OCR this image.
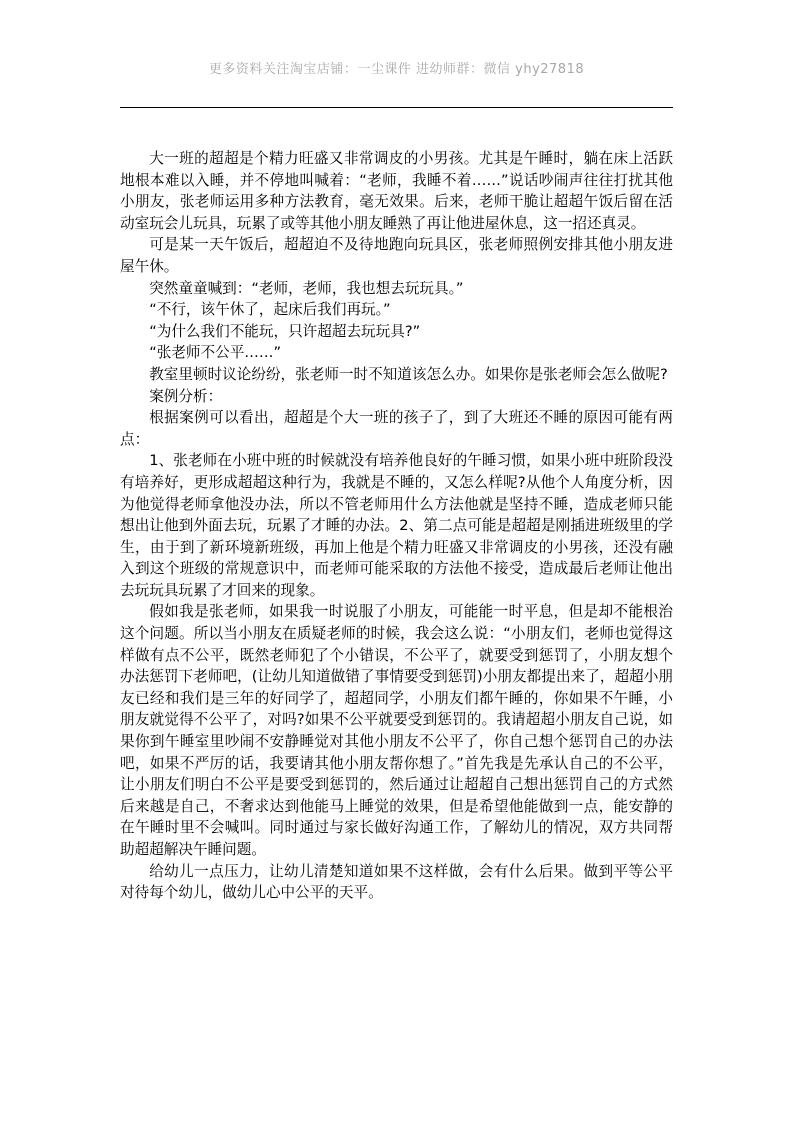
更多资料关注淘宝店铺：一尘课件 进幼师群：微信 yhy27818

大一班的超超是个精力旺盛又非常调皮的小男孩。尤其是午睡时，躺在床上活跃地根本难以入睡，并不停地叫喊着：“老师，我睡不着……”说话吵闹声往往打扰其他小朋友，张老师运用多种方法教育，毫无效果。后来，老师干脆让超超午饭后留在活动室玩会儿玩具，玩累了或等其他小朋友睡熟了再让他进屋休息，这一招还真灵。

可是某一天午饭后，超超迫不及待地跑向玩具区，张老师照例安排其他小朋友进屋午休。

突然童童喊到：“老师，老师，我也想去玩玩具。”

“不行，该午休了，起床后我们再玩。”

“为什么我们不能玩，只许超超去玩玩具?”

“张老师不公平……”

教室里顿时议论纷纷，张老师一时不知道该怎么办。如果你是张老师会怎么做呢?

案例分析：

根据案例可以看出，超超是个大一班的孩子了，到了大班还不睡的原因可能有两点：

1、张老师在小班中班的时候就没有培养他良好的午睡习惯，如果小班中班阶段没有培养好，更形成超超这种行为，我就是不睡的，又怎么样呢?从他个人角度分析，因为他觉得老师拿他没办法，所以不管老师用什么方法他就是坚持不睡，造成老师只能想出让他到外面去玩，玩累了才睡的办法。2、第二点可能是超超是刚插进班级里的学生，由于到了新环境新班级，再加上他是个精力旺盛又非常调皮的小男孩，还没有融入到这个班级的常规意识中，而老师可能采取的方法他不接受，造成最后老师让他出去玩玩具玩累了才回来的现象。

假如我是张老师，如果我一时说服了小朋友，可能能一时平息，但是却不能根治这个问题。所以当小朋友在质疑老师的时候，我会这么说：“小朋友们，老师也觉得这样做有点不公平，既然老师犯了个小错误，不公平了，就要受到惩罚了，小朋友想个办法惩罚下老师吧，(让幼儿知道做错了事情要受到惩罚)小朋友都提出来了，超超小朋友已经和我们是三年的好同学了，超超同学，小朋友们都午睡的，你如果不午睡，小朋友就觉得不公平了，对吗?如果不公平就要受到惩罚的。我请超超小朋友自己说，如果你到午睡室里吵闹不安静睡觉对其他小朋友不公平了，你自己想个惩罚自己的办法吧，如果不严厉的话，我要请其他小朋友帮你想了。”首先我是先承认自己的不公平，让小朋友们明白不公平是要受到惩罚的，然后通过让超超自己想出惩罚自己的方式然后来越是自己，不奢求达到他能马上睡觉的效果，但是希望他能做到一点，能安静的在午睡时里不会喊叫。同时通过与家长做好沟通工作，了解幼儿的情况，双方共同帮助超超解决午睡问题。

给幼儿一点压力，让幼儿清楚知道如果不这样做，会有什么后果。做到平等公平对待每个幼儿，做幼儿心中公平的天平。
